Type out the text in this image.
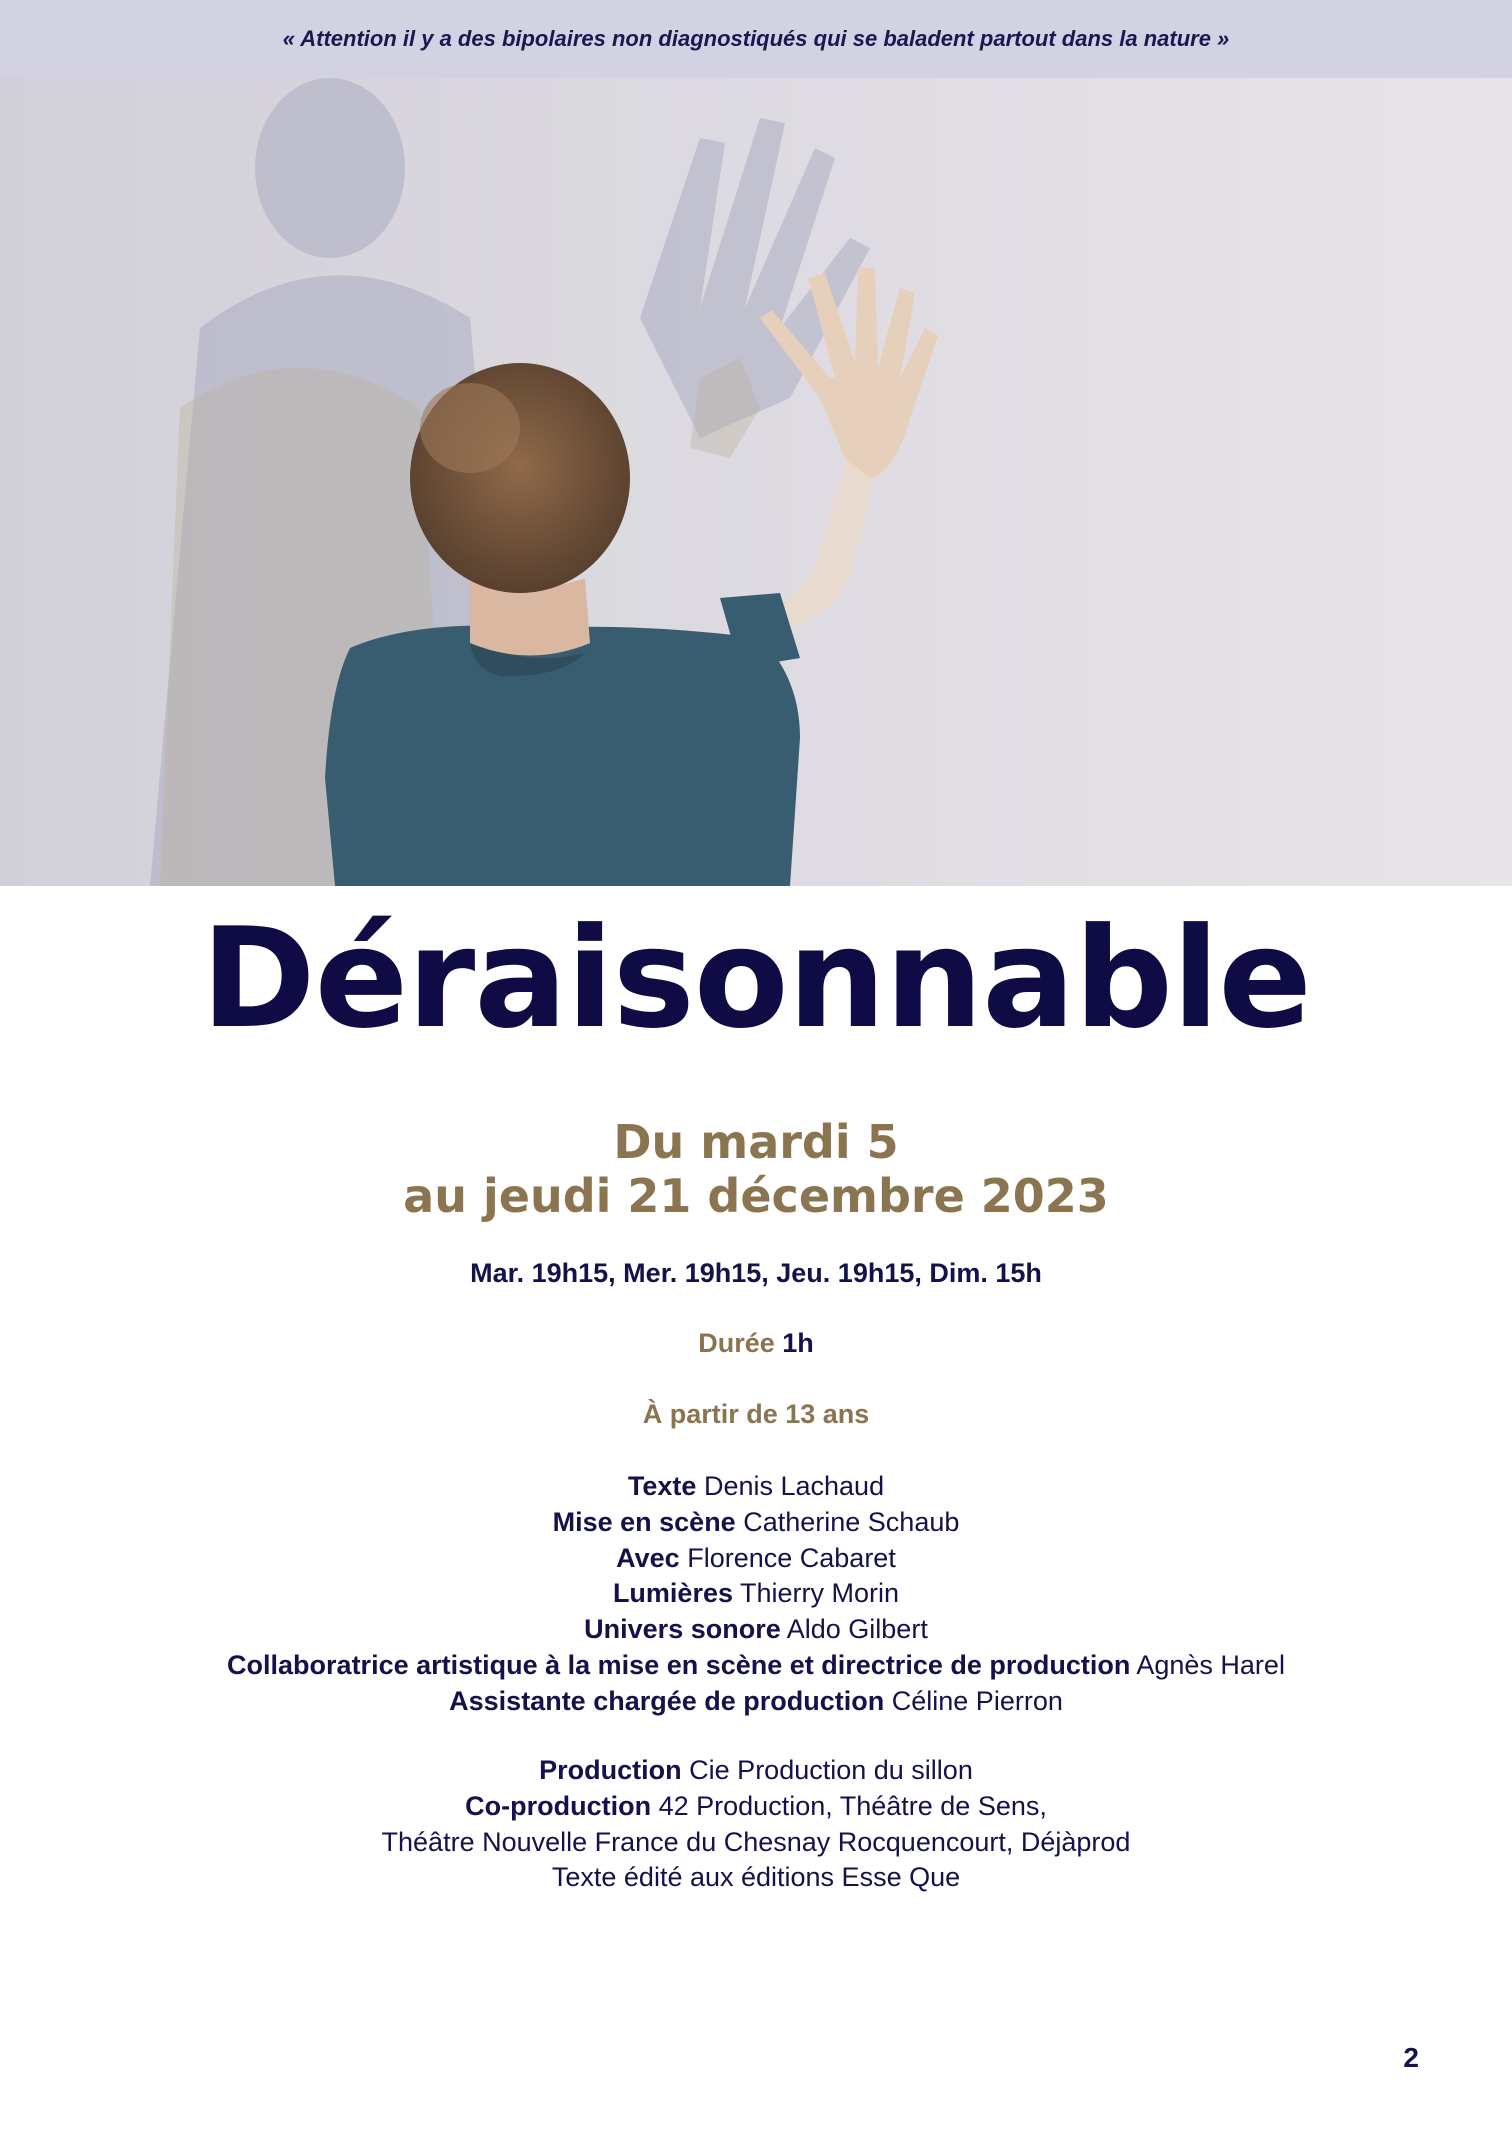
« Attention il y a des bipolaires non diagnostiqués qui se baladent partout dans la nature »
Déraisonnable
Du mardi 5
au jeudi 21 décembre 2023
Mar. 19h15, Mer. 19h15, Jeu. 19h15, Dim. 15h
Durée 1h
À partir de 13 ans
Texte Denis Lachaud
Mise en scène Catherine Schaub
Avec Florence Cabaret
Lumières Thierry Morin
Univers sonore Aldo Gilbert
Collaboratrice artistique à la mise en scène et directrice de production Agnès Harel
Assistante chargée de production Céline Pierron
Production Cie Production du sillon
Co-production 42 Production, Théâtre de Sens,
Théâtre Nouvelle France du Chesnay Rocquencourt, Déjàprod
Texte édité aux éditions Esse Que
2
